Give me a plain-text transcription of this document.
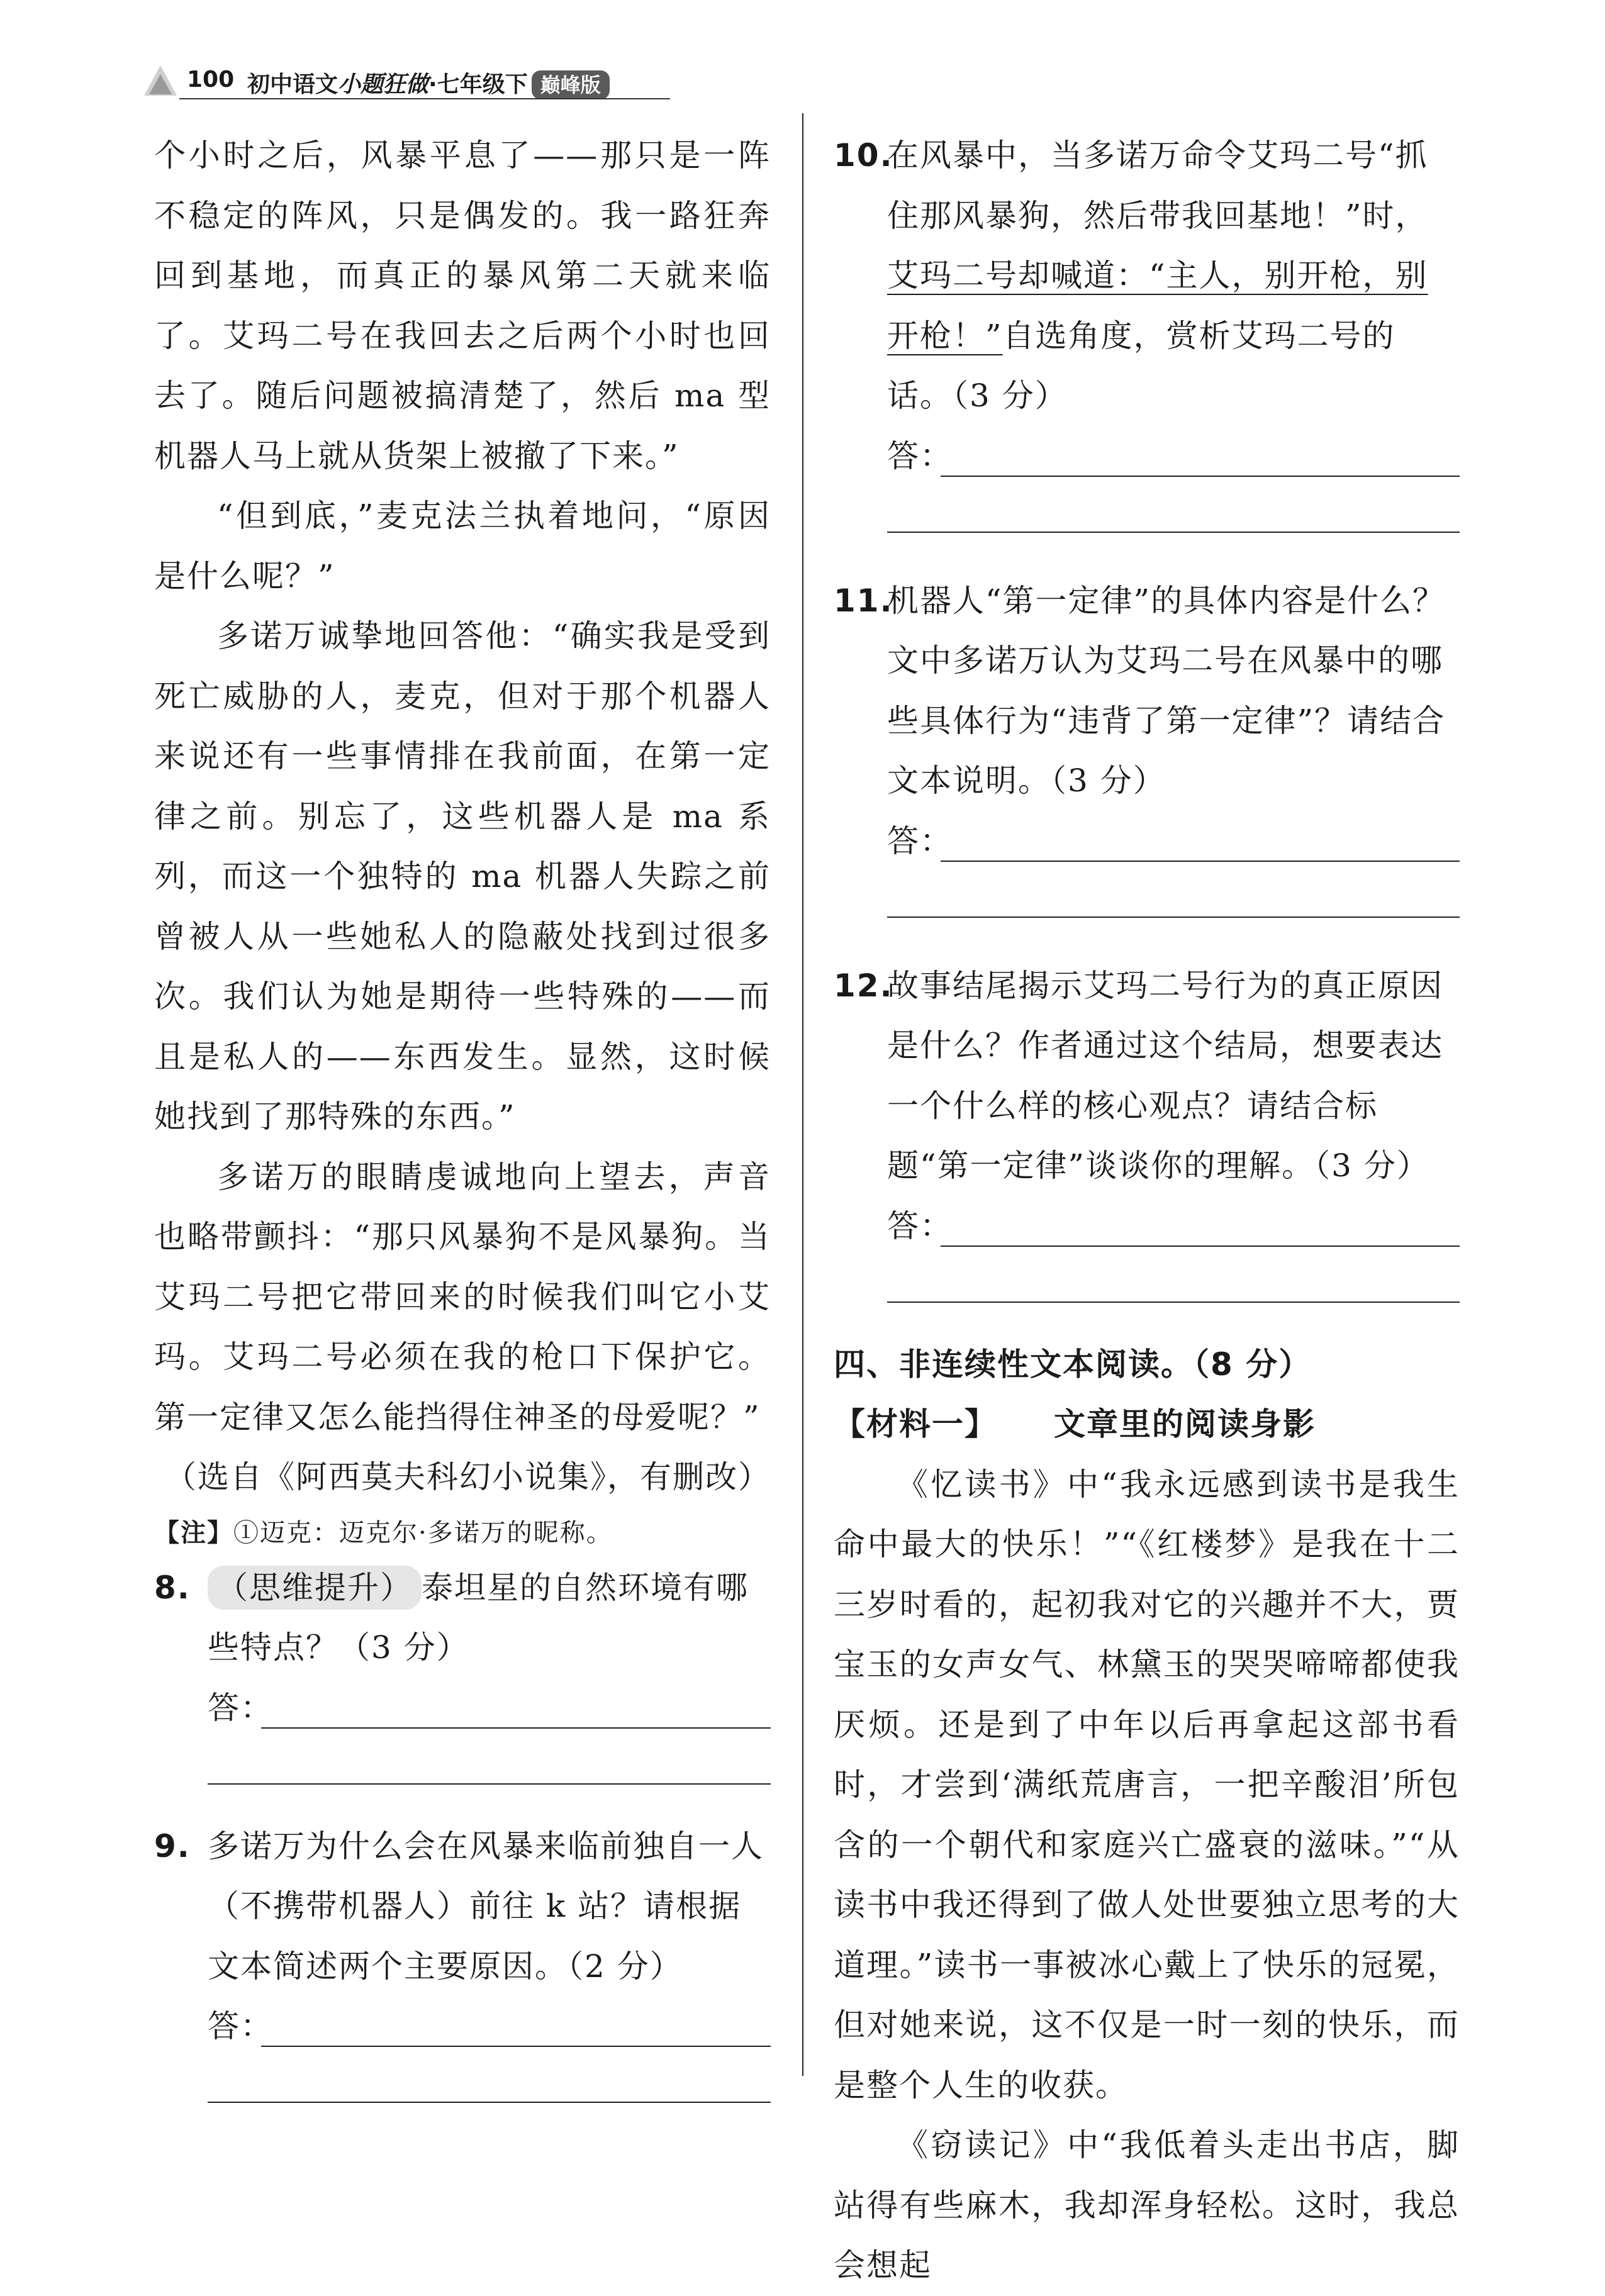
100 初中语文小题狂做·七年级下 巅峰版

个小时之后，风暴平息了——那只是一阵不稳定的阵风，只是偶发的。我一路狂奔回到基地，而真正的暴风第二天就来临了。艾玛二号在我回去之后两个小时也回去了。随后问题被搞清楚了，然后 ma 型机器人马上就从货架上被撤了下来。”

“但到底，”麦克法兰执着地问，“原因是什么呢？”

多诺万诚挚地回答他：“确实我是受到死亡威胁的人，麦克，但对于那个机器人来说还有一些事情排在我前面，在第一定律之前。别忘了，这些机器人是 ma 系列，而这一个独特的 ma 机器人失踪之前曾被人从一些她私人的隐蔽处找到过很多次。我们认为她是期待一些特殊的——而且是私人的——东西发生。显然，这时候她找到了那特殊的东西。”

多诺万的眼睛虔诚地向上望去，声音也略带颤抖：“那只风暴狗不是风暴狗。当艾玛二号把它带回来的时候我们叫它小艾玛。艾玛二号必须在我的枪口下保护它。第一定律又怎么能挡得住神圣的母爱呢？”

（选自《阿西莫夫科幻小说集》，有删改）

【注】①迈克：迈克尔·多诺万的昵称。

8. （思维提升） 泰坦星的自然环境有哪些特点？（3 分）
答：
9. 多诺万为什么会在风暴来临前独自一人（不携带机器人）前往 k 站？请根据文本简述两个主要原因。（2 分）
答：
10.
在风暴中，当多诺万命令艾玛二号“抓住那风暴狗，然后带我回基地！”时，艾玛二号却喊道：“主人，别开枪，别开枪！”自选角度，赏析艾玛二号的话。（3 分）
答：
11.
机器人“第一定律”的具体内容是什么？文中多诺万认为艾玛二号在风暴中的哪些具体行为“违背了第一定律”？请结合文本说明。（3 分）
答：
12.
故事结尾揭示艾玛二号行为的真正原因是什么？作者通过这个结局，想要表达一个什么样的核心观点？请结合标题“第一定律”谈谈你的理解。（3 分）
答：

四、非连续性文本阅读。（8 分）

【材料一】 文章里的阅读身影

《忆读书》中“我永远感到读书是我生命中最大的快乐！”“《红楼梦》是我在十二三岁时看的，起初我对它的兴趣并不大，贾宝玉的女声女气、林黛玉的哭哭啼啼都使我厌烦。还是到了中年以后再拿起这部书看时，才尝到‘满纸荒唐言，一把辛酸泪’所包含的一个朝代和家庭兴亡盛衰的滋味。”“从读书中我还得到了做人处世要独立思考的大道理。”读书一事被冰心戴上了快乐的冠冕，但对她来说，这不仅是一时一刻的快乐，而是整个人生的收获。

《窃读记》中“我低着头走出书店，脚站得有些麻木，我却浑身轻松。这时，我总会想起
